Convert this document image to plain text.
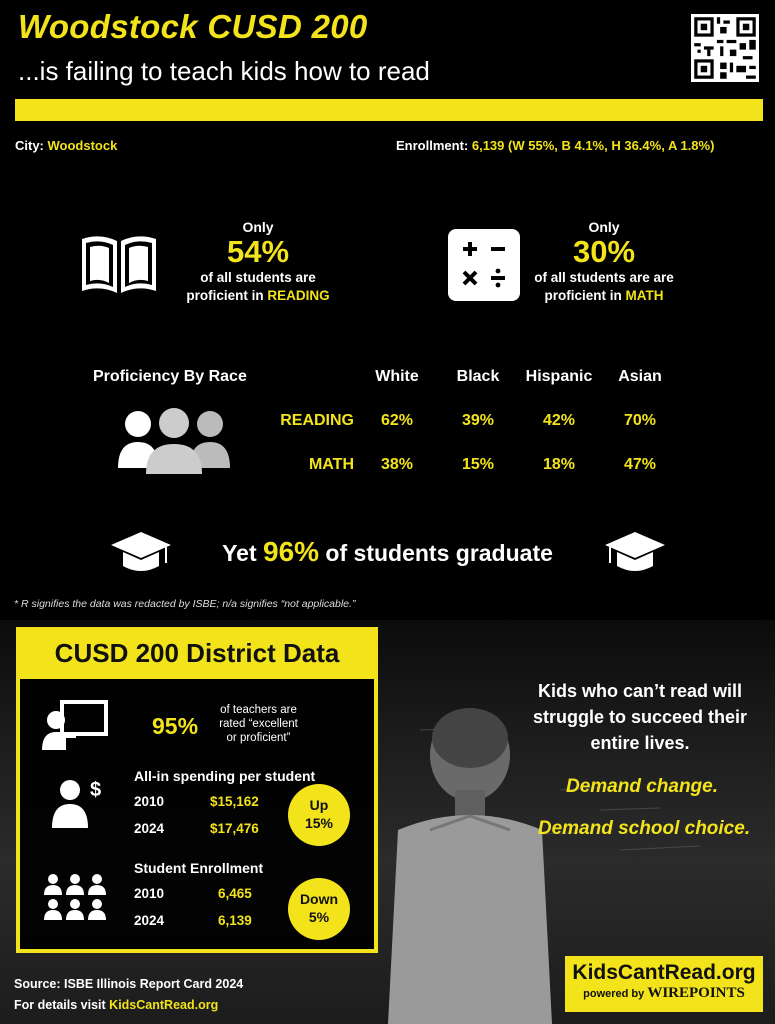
Woodstock CUSD 200
...is failing to teach kids how to read
City: Woodstock	Enrollment: 6,139 (W 55%, B 4.1%, H 36.4%, A 1.8%)
Only
54%
of all students are
proficient in READING
Only
30%
of all students are are
proficient in MATH
Proficiency By Race	White	Black	Hispanic	Asian
READING	62%	39%	42%	70%
MATH	38%	15%	18%	47%
Yet 96% of students graduate
* R signifies the data was redacted by ISBE; n/a signifies “not applicable.”
CUSD 200 District Data
95%
of teachers are
rated “excellent
or proficient”
All-in spending per student
$
2010	$15,162
2024	$17,476
Up
15%
Student Enrollment
2010	6,465
2024	6,139
Down
5%
Kids who can’t read will struggle to succeed their entire lives.
Demand change.
Demand school choice.
Source: ISBE Illinois Report Card 2024
For details visit KidsCantRead.org
KidsCantRead.org
powered by WIREPOINTS
